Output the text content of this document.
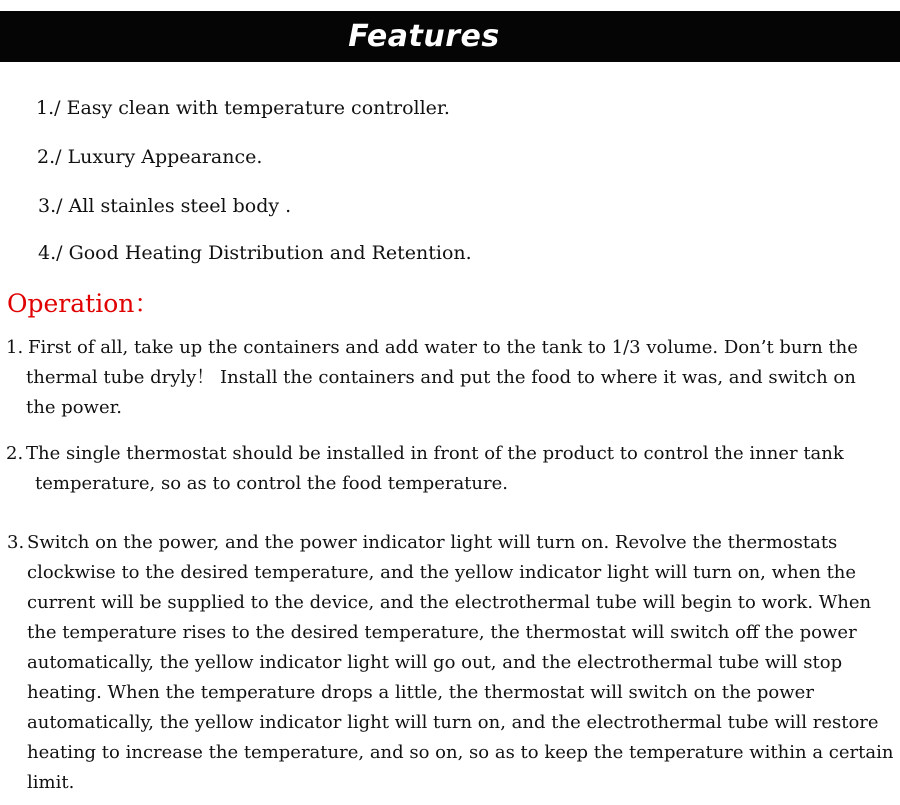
Features
1./ Easy clean with temperature controller.
2./ Luxury Appearance.
3./ All stainles steel body .
4./ Good Heating Distribution and Retention.
Operation：
1. First of all, take up the containers and add water to the tank to 1/3 volume. Don’t burn the thermal tube dryly！ Install the containers and put the food to where it was, and switch on the power.
2. The single thermostat should be installed in front of the product to control the inner tank temperature, so as to control the food temperature.
3. Switch on the power, and the power indicator light will turn on. Revolve the thermostats clockwise to the desired temperature, and the yellow indicator light will turn on, when the current will be supplied to the device, and the electrothermal tube will begin to work. When the temperature rises to the desired temperature, the thermostat will switch off the power automatically, the yellow indicator light will go out, and the electrothermal tube will stop heating. When the temperature drops a little, the thermostat will switch on the power automatically, the yellow indicator light will turn on, and the electrothermal tube will restore heating to increase the temperature, and so on, so as to keep the temperature within a certain limit.
